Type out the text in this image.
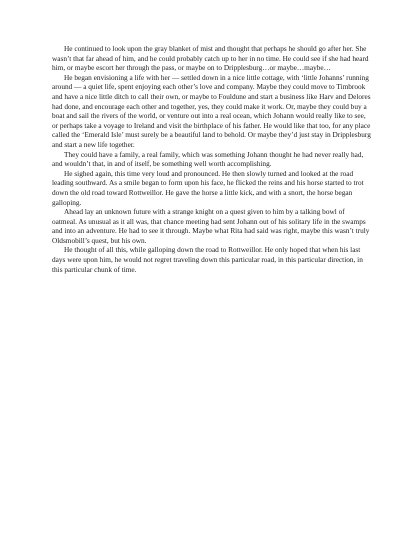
He continued to look upon the gray blanket of mist and thought that perhaps he should go after her. She wasn’t that far ahead of him, and he could probably catch up to her in no time. He could see if she had heard him, or maybe escort her through the pass, or maybe on to Dripplesburg…or maybe…maybe…

He began envisioning a life with her — settled down in a nice little cottage, with ‘little Johanns’ running around — a quiet life, spent enjoying each other’s love and company. Maybe they could move to Timbrook and have a nice little ditch to call their own, or maybe to Fouldune and start a business like Harv and Delores had done, and encourage each other and together, yes, they could make it work. Or, maybe they could buy a boat and sail the rivers of the world, or venture out into a real ocean, which Johann would really like to see, or perhaps take a voyage to Ireland and visit the birthplace of his father. He would like that too, for any place called the ‘Emerald Isle’ must surely be a beautiful land to behold. Or maybe they’d just stay in Dripplesburg and start a new life together.

They could have a family, a real family, which was something Johann thought he had never really had, and wouldn’t that, in and of itself, be something well worth accomplishing.

He sighed again, this time very loud and pronounced. He then slowly turned and looked at the road leading southward. As a smile began to form upon his face, he flicked the reins and his horse started to trot down the old road toward Rottweillor. He gave the horse a little kick, and with a snort, the horse began galloping.

Ahead lay an unknown future with a strange knight on a quest given to him by a talking bowl of oatmeal. As unusual as it all was, that chance meeting had sent Johann out of his solitary life in the swamps and into an adventure. He had to see it through. Maybe what Rita had said was right, maybe this wasn’t truly Oldsmobill’s quest, but his own.

He thought of all this, while galloping down the road to Rottweillor. He only hoped that when his last days were upon him, he would not regret traveling down this particular road, in this particular direction, in this particular chunk of time.
